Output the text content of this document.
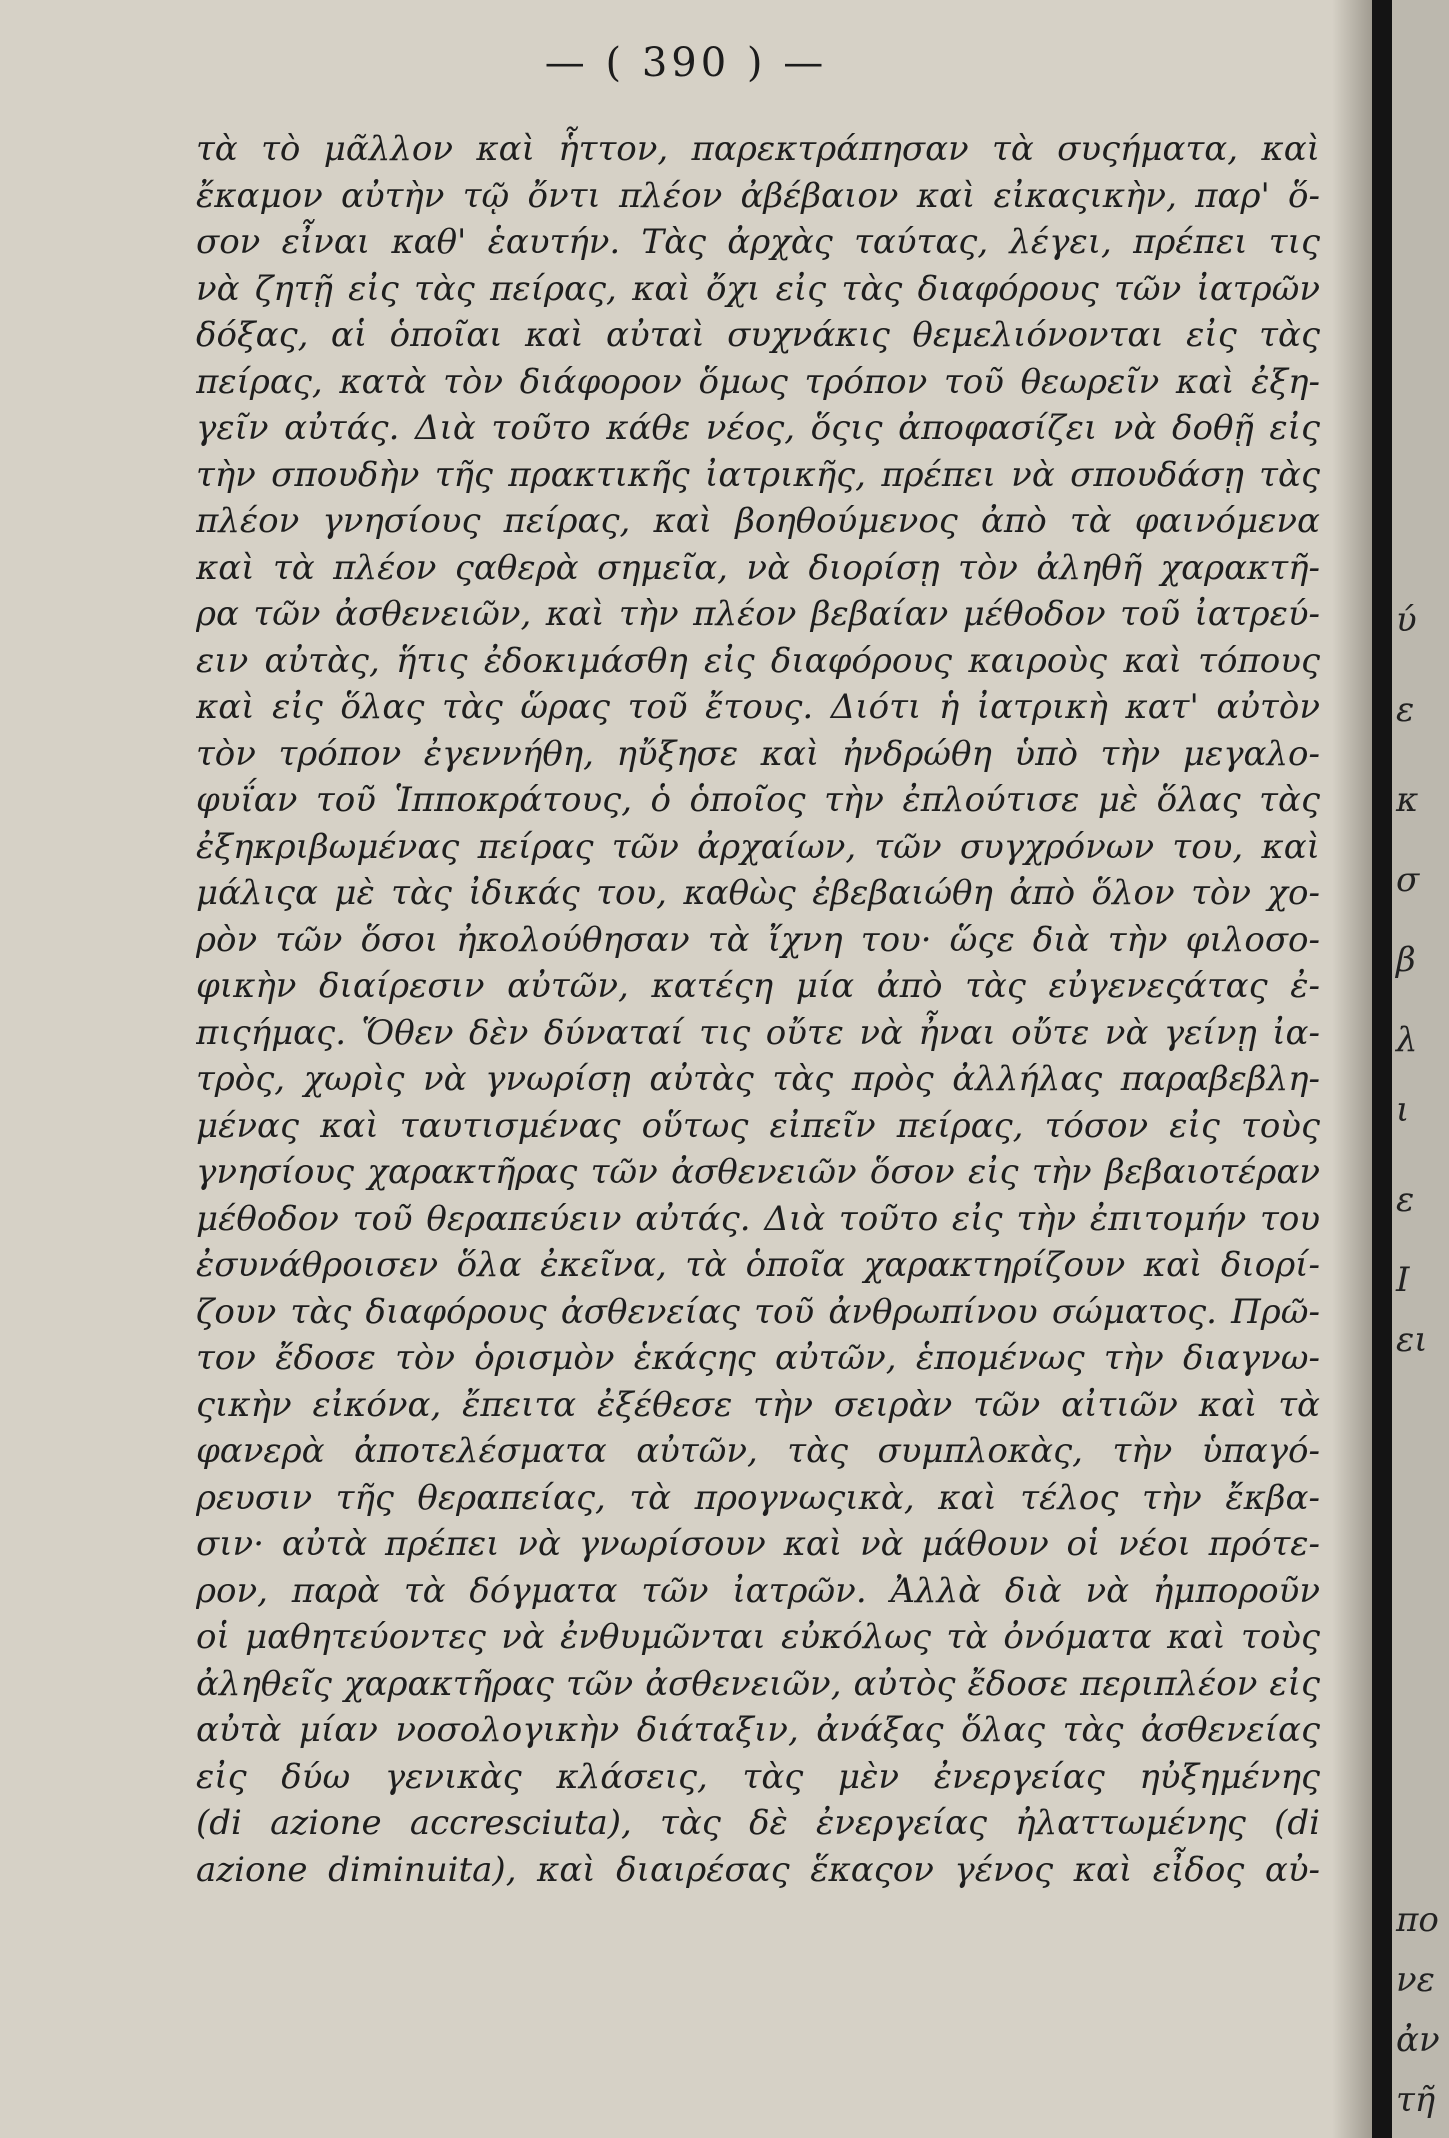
— ( 390 ) —
τὰ τὸ μᾶλλον καὶ ἧττον, παρεκτράπησαν τὰ συςήματα, καὶ
ἔκαμον αὐτὴν τῷ ὄντι πλέον ἀβέβαιον καὶ εἰκαςικὴν, παρ' ὅ-
σον εἶναι καθ' ἑαυτήν. Τὰς ἀρχὰς ταύτας, λέγει, πρέπει τις
νὰ ζητῇ εἰς τὰς πείρας, καὶ ὄχι εἰς τὰς διαφόρους τῶν ἰατρῶν
δόξας, αἱ ὁποῖαι καὶ αὐταὶ συχνάκις θεμελιόνονται εἰς τὰς
πείρας, κατὰ τὸν διάφορον ὅμως τρόπον τοῦ θεωρεῖν καὶ ἐξη-
γεῖν αὐτάς. Διὰ τοῦτο κάθε νέος, ὅςις ἀποφασίζει νὰ δοθῇ εἰς
τὴν σπουδὴν τῆς πρακτικῆς ἰατρικῆς, πρέπει νὰ σπουδάσῃ τὰς
πλέον γνησίους πείρας, καὶ βοηθούμενος ἀπὸ τὰ φαινόμενα
καὶ τὰ πλέον ςαθερὰ σημεῖα, νὰ διορίσῃ τὸν ἀληθῆ χαρακτῆ-
ρα τῶν ἀσθενειῶν, καὶ τὴν πλέον βεβαίαν μέθοδον τοῦ ἰατρεύ-
ειν αὐτὰς, ἥτις ἐδοκιμάσθη εἰς διαφόρους καιροὺς καὶ τόπους
καὶ εἰς ὅλας τὰς ὥρας τοῦ ἔτους. Διότι ἡ ἰατρικὴ κατ' αὐτὸν
τὸν τρόπον ἐγεννήθη, ηὔξησε καὶ ἠνδρώθη ὑπὸ τὴν μεγαλο-
φυΐαν τοῦ Ἱπποκράτους, ὁ ὁποῖος τὴν ἐπλούτισε μὲ ὅλας τὰς
ἐξηκριβωμένας πείρας τῶν ἀρχαίων, τῶν συγχρόνων του, καὶ
μάλιςα μὲ τὰς ἰδικάς του, καθὼς ἐβεβαιώθη ἀπὸ ὅλον τὸν χο-
ρὸν τῶν ὅσοι ἠκολούθησαν τὰ ἴχνη του· ὥςε διὰ τὴν φιλοσο-
φικὴν διαίρεσιν αὐτῶν, κατέςη μία ἀπὸ τὰς εὐγενεςάτας ἐ-
πιςήμας. Ὅθεν δὲν δύναταί τις οὔτε νὰ ἦναι οὔτε νὰ γείνῃ ἰα-
τρὸς, χωρὶς νὰ γνωρίσῃ αὐτὰς τὰς πρὸς ἀλλήλας παραβεβλη-
μένας καὶ ταυτισμένας οὕτως εἰπεῖν πείρας, τόσον εἰς τοὺς
γνησίους χαρακτῆρας τῶν ἀσθενειῶν ὅσον εἰς τὴν βεβαιοτέραν
μέθοδον τοῦ θεραπεύειν αὐτάς. Διὰ τοῦτο εἰς τὴν ἐπιτομήν του
ἐσυνάθροισεν ὅλα ἐκεῖνα, τὰ ὁποῖα χαρακτηρίζουν καὶ διορί-
ζουν τὰς διαφόρους ἀσθενείας τοῦ ἀνθρωπίνου σώματος. Πρῶ-
τον ἔδοσε τὸν ὁρισμὸν ἑκάςης αὐτῶν, ἑπομένως τὴν διαγνω-
ςικὴν εἰκόνα, ἔπειτα ἐξέθεσε τὴν σειρὰν τῶν αἰτιῶν καὶ τὰ
φανερὰ ἀποτελέσματα αὐτῶν, τὰς συμπλοκὰς, τὴν ὑπαγό-
ρευσιν τῆς θεραπείας, τὰ προγνωςικὰ, καὶ τέλος τὴν ἔκβα-
σιν· αὐτὰ πρέπει νὰ γνωρίσουν καὶ νὰ μάθουν οἱ νέοι πρότε-
ρον, παρὰ τὰ δόγματα τῶν ἰατρῶν. Ἀλλὰ διὰ νὰ ἠμποροῦν
οἱ μαθητεύοντες νὰ ἐνθυμῶνται εὐκόλως τὰ ὀνόματα καὶ τοὺς
ἀληθεῖς χαρακτῆρας τῶν ἀσθενειῶν, αὐτὸς ἔδοσε περιπλέον εἰς
αὐτὰ μίαν νοσολογικὴν διάταξιν, ἀνάξας ὅλας τὰς ἀσθενείας
εἰς δύω γενικὰς κλάσεις, τὰς μὲν ἐνεργείας ηὐξημένης
(di azione accresciuta), τὰς δὲ ἐνεργείας ἠλαττωμένης (di
azione diminuita), καὶ διαιρέσας ἕκαςον γένος καὶ εἶδος αὐ-
ύ
ε
κ
σ
β
λ
ι
ε
Ι
ει
πο
νε
ἀν
τῆ
